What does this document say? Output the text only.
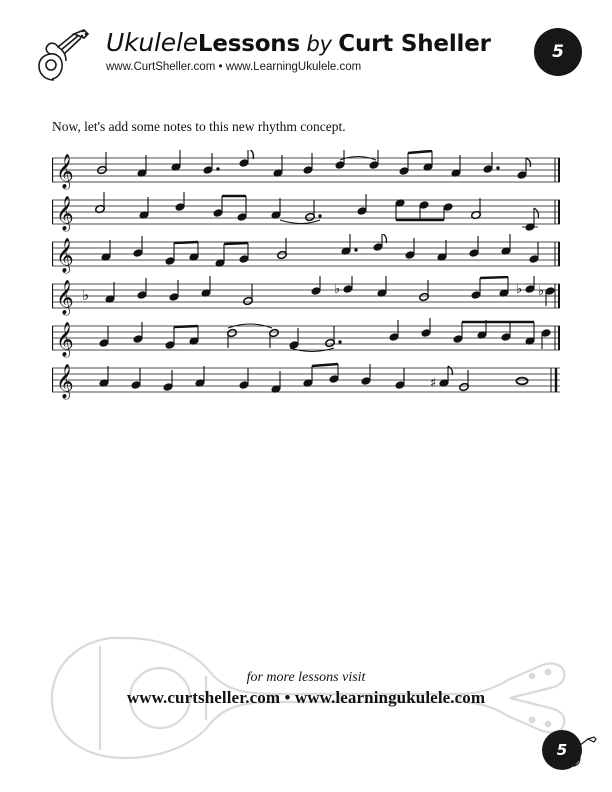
UkuleleLessons by Curt Sheller
www.CurtSheller.com • www.LearningUkulele.com
5
Now, let's add some notes to this new rhythm concept.
𝄞
𝄞
𝄞
𝄞 ♭	♭	♭ ♭
𝄞
𝄞	♯
for more lessons visit
www.curtsheller.com • www.learningukulele.com
5
